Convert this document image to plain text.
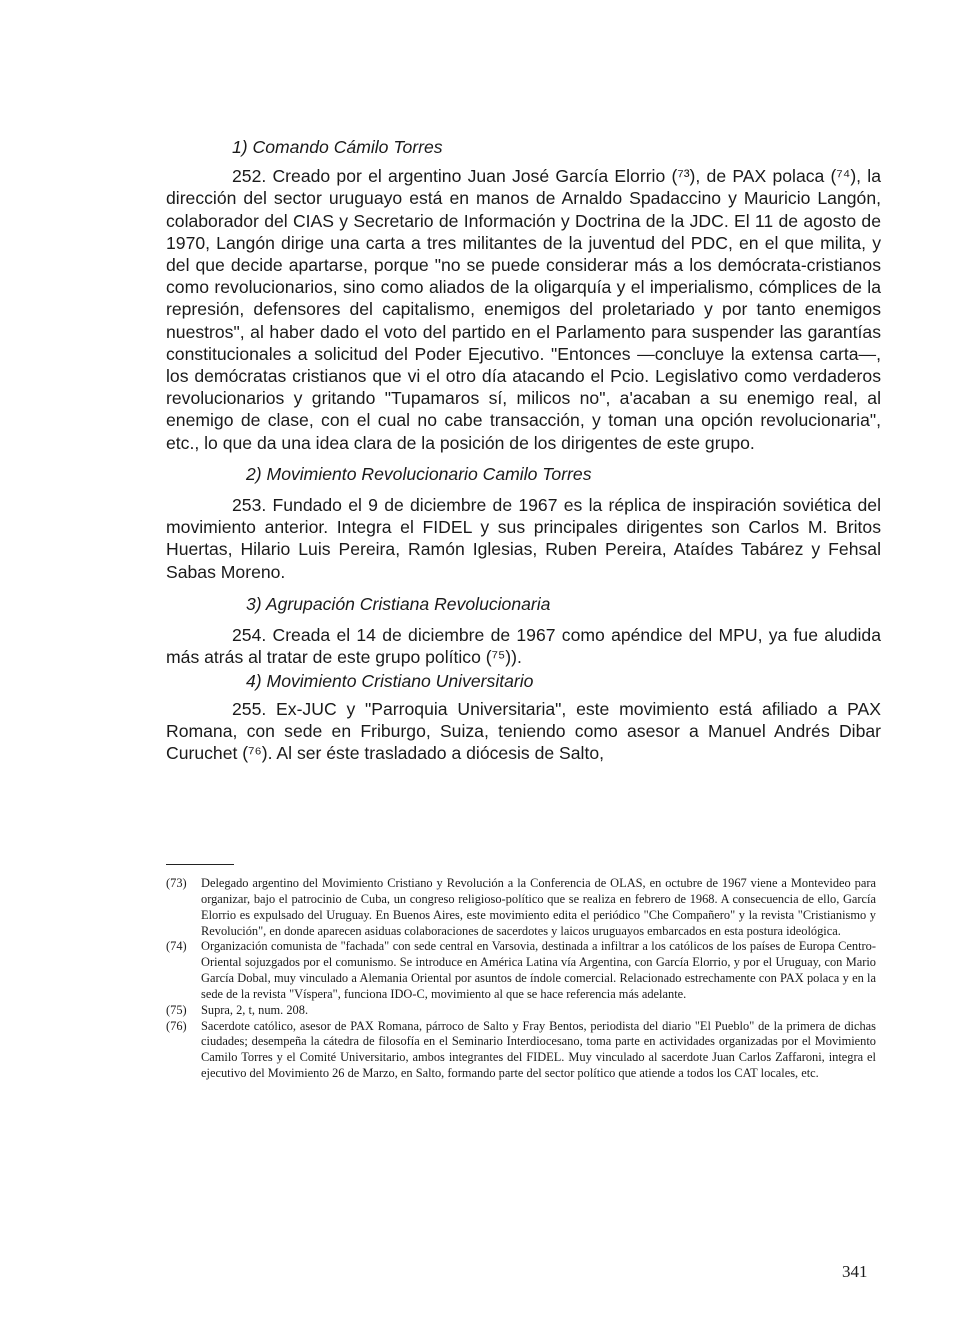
1) Comando Cámilo Torres

252. Creado por el argentino Juan José García Elorrio (⁷³), de PAX polaca (⁷⁴), la dirección del sector uruguayo está en manos de Arnaldo Spadaccino y Mauricio Langón, colaborador del CIAS y Secretario de Información y Doctrina de la JDC. El 11 de agosto de 1970, Langón dirige una carta a tres militantes de la juventud del PDC, en el que milita, y del que decide apartarse, porque "no se puede considerar más a los demócrata-cristianos como revolucionarios, sino como aliados de la oligarquía y el imperialismo, cómplices de la represión, defensores del capitalismo, enemigos del proletariado y por tanto enemigos nuestros", al haber dado el voto del partido en el Parlamento para suspender las garantías constitucionales a solicitud del Poder Ejecutivo. "Entonces —concluye la extensa carta—, los demócratas cristianos que vi el otro día atacando el Pcio. Legislativo como verdaderos revolucionarios y gritando "Tupamaros sí, milicos no", a'acaban a su enemigo real, al enemigo de clase, con el cual no cabe transacción, y toman una opción revolucionaria", etc., lo que da una idea clara de la posición de los dirigentes de este grupo.

2) Movimiento Revolucionario Camilo Torres

253. Fundado el 9 de diciembre de 1967 es la réplica de inspiración soviética del movimiento anterior. Integra el FIDEL y sus principales dirigentes son Carlos M. Britos Huertas, Hilario Luis Pereira, Ramón Iglesias, Ruben Pereira, Ataídes Tabárez y Fehsal Sabas Moreno.

3) Agrupación Cristiana Revolucionaria

254. Creada el 14 de diciembre de 1967 como apéndice del MPU, ya fue aludida más atrás al tratar de este grupo político (⁷⁵)).

4) Movimiento Cristiano Universitario

255. Ex-JUC y "Parroquia Universitaria", este movimiento está afiliado a PAX Romana, con sede en Friburgo, Suiza, teniendo como asesor a Manuel Andrés Dibar Curuchet (⁷⁶). Al ser éste trasladado a diócesis de Salto,

(73)	Delegado argentino del Movimiento Cristiano y Revolución a la Conferencia de OLAS, en octubre de 1967 viene a Montevideo para organizar, bajo el patrocinio de Cuba, un congreso religioso-político que se realiza en febrero de 1968. A consecuencia de ello, García Elorrio es expulsado del Uruguay. En Buenos Aires, este movimiento edita el periódico "Che Compañero" y la revista "Cristianismo y Revolución", en donde aparecen asiduas colaboraciones de sacerdotes y laicos uruguayos embarcados en esta postura ideológica.
(74)	Organización comunista de "fachada" con sede central en Varsovia, destinada a infiltrar a los católicos de los países de Europa Centro-Oriental sojuzgados por el comunismo. Se introduce en América Latina vía Argentina, con García Elorrio, y por el Uruguay, con Mario García Dobal, muy vinculado a Alemania Oriental por asuntos de índole comercial. Relacionado estrechamente con PAX polaca y en la sede de la revista "Víspera", funciona IDO-C, movimiento al que se hace referencia más adelante.
(75)	Supra, 2, t, num. 208.
(76)	Sacerdote católico, asesor de PAX Romana, párroco de Salto y Fray Bentos, periodista del diario "El Pueblo" de la primera de dichas ciudades; desempeña la cátedra de filosofía en el Seminario Interdiocesano, toma parte en actividades organizadas por el Movimiento Camilo Torres y el Comité Universitario, ambos integrantes del FIDEL. Muy vinculado al sacerdote Juan Carlos Zaffaroni, integra el ejecutivo del Movimiento 26 de Marzo, en Salto, formando parte del sector político que atiende a todos los CAT locales, etc.
341
